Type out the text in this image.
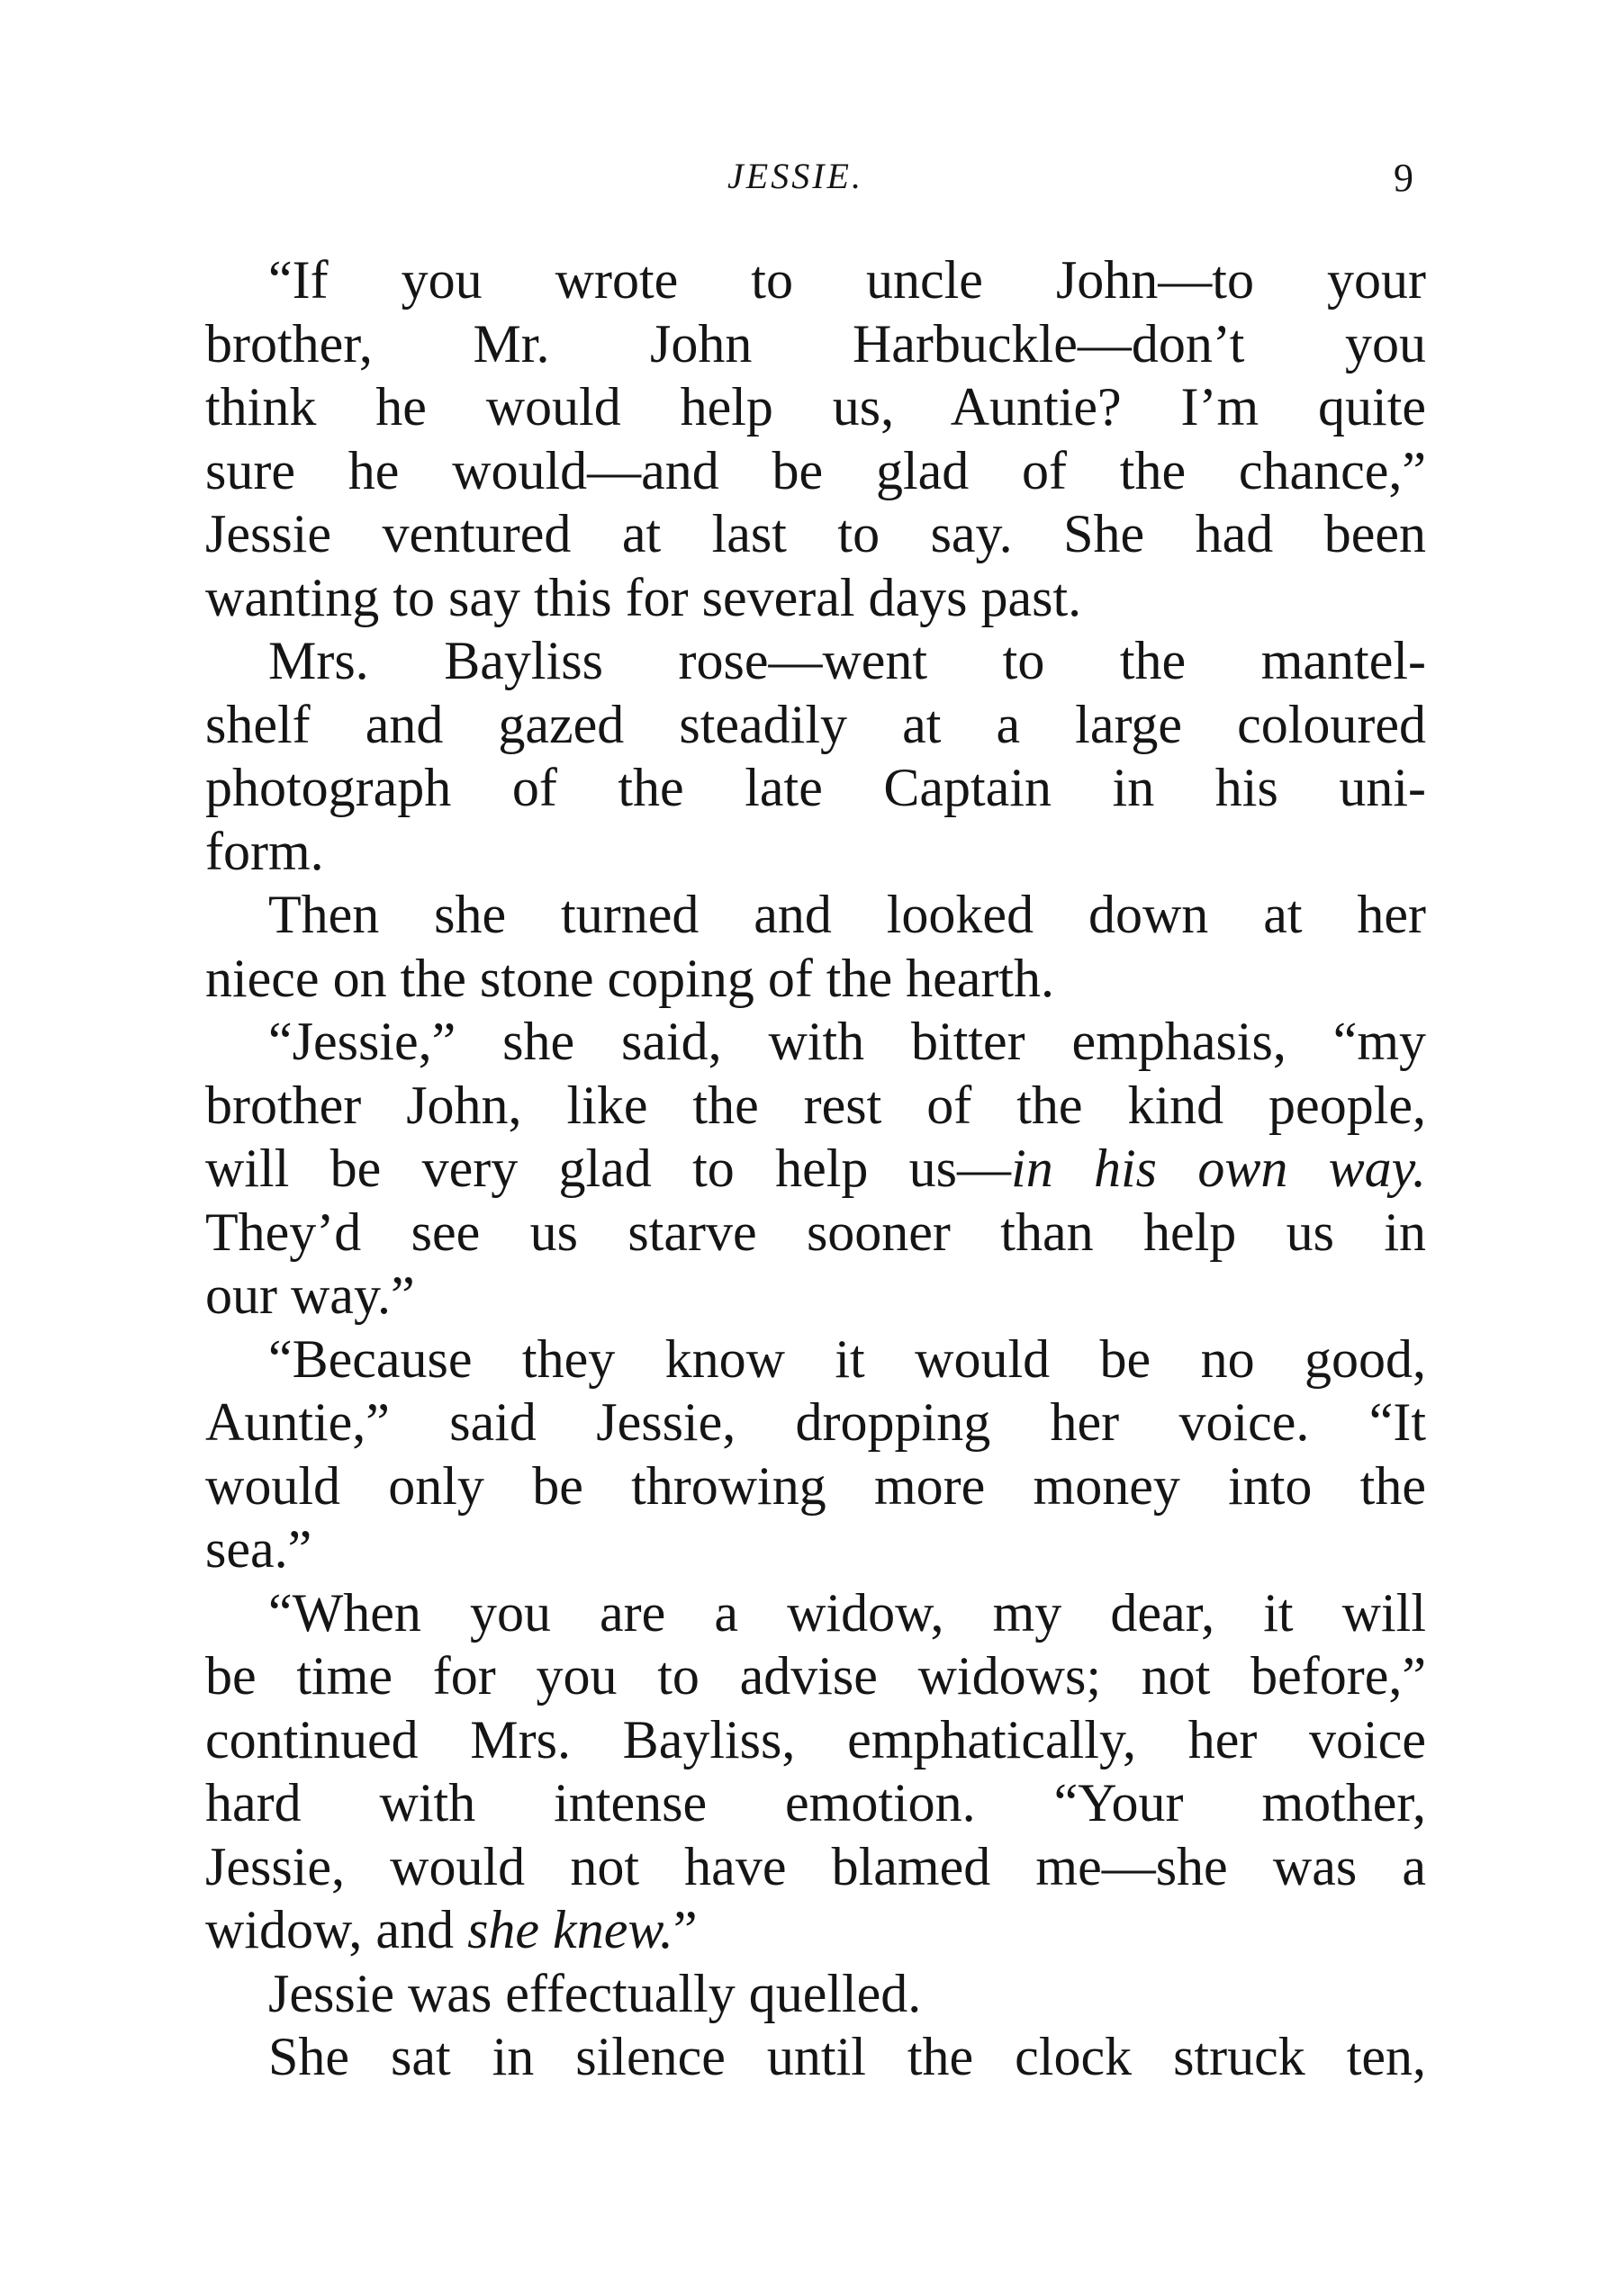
JESSIE.	9
“If you wrote to uncle John—to your
brother, Mr. John Harbuckle—don’t you
think he would help us, Auntie? I’m quite
sure he would—and be glad of the chance,”
Jessie ventured at last to say. She had been
wanting to say this for several days past.
Mrs. Bayliss rose—went to the mantel-
shelf and gazed steadily at a large coloured
photograph of the late Captain in his uni-
form.
Then she turned and looked down at her
niece on the stone coping of the hearth.
“Jessie,” she said, with bitter emphasis, “my
brother John, like the rest of the kind people,
will be very glad to help us—in his own way.
They’d see us starve sooner than help us in
our way.”
“Because they know it would be no good,
Auntie,” said Jessie, dropping her voice. “It
would only be throwing more money into the
sea.”
“When you are a widow, my dear, it will
be time for you to advise widows; not before,”
continued Mrs. Bayliss, emphatically, her voice
hard with intense emotion. “Your mother,
Jessie, would not have blamed me—she was a
widow, and she knew.”
Jessie was effectually quelled.
She sat in silence until the clock struck ten,
